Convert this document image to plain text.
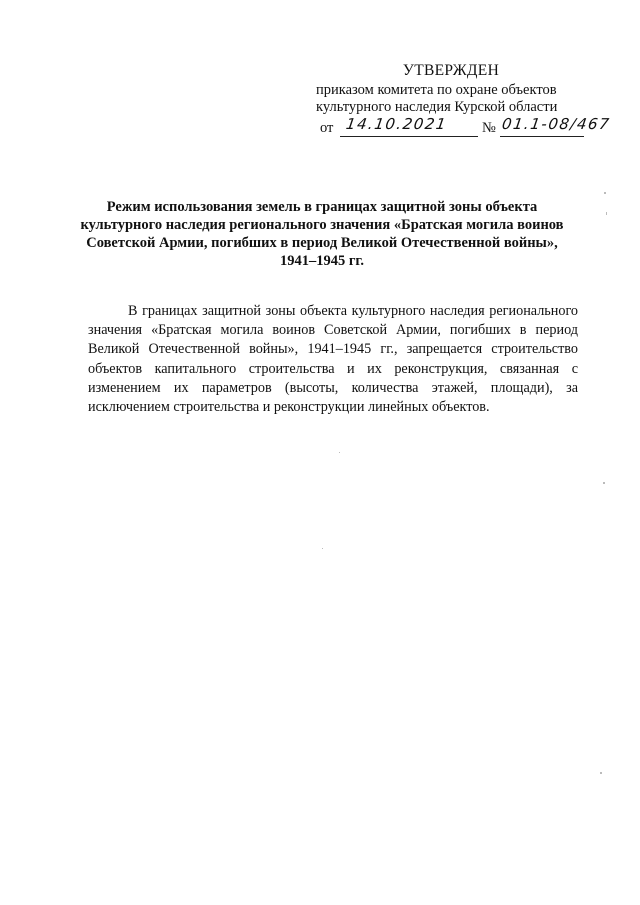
УТВЕРЖДЕН
приказом комитета по охране объектов
культурного наследия Курской области
от 14.10.2021 № 01.1-08/467
Режим использования земель в границах защитной зоны объекта культурного наследия регионального значения «Братская могила воинов Советской Армии, погибших в период Великой Отечественной войны», 1941–1945 гг.

В границах защитной зоны объекта культурного наследия регионального значения «Братская могила воинов Советской Армии, погибших в период Великой Отечественной войны», 1941–1945 гг., запрещается строительство объектов капитального строительства и их реконструкция, связанная с изменением их параметров (высоты, количества этажей, площади), за исключением строительства и реконструкции линейных объектов.
